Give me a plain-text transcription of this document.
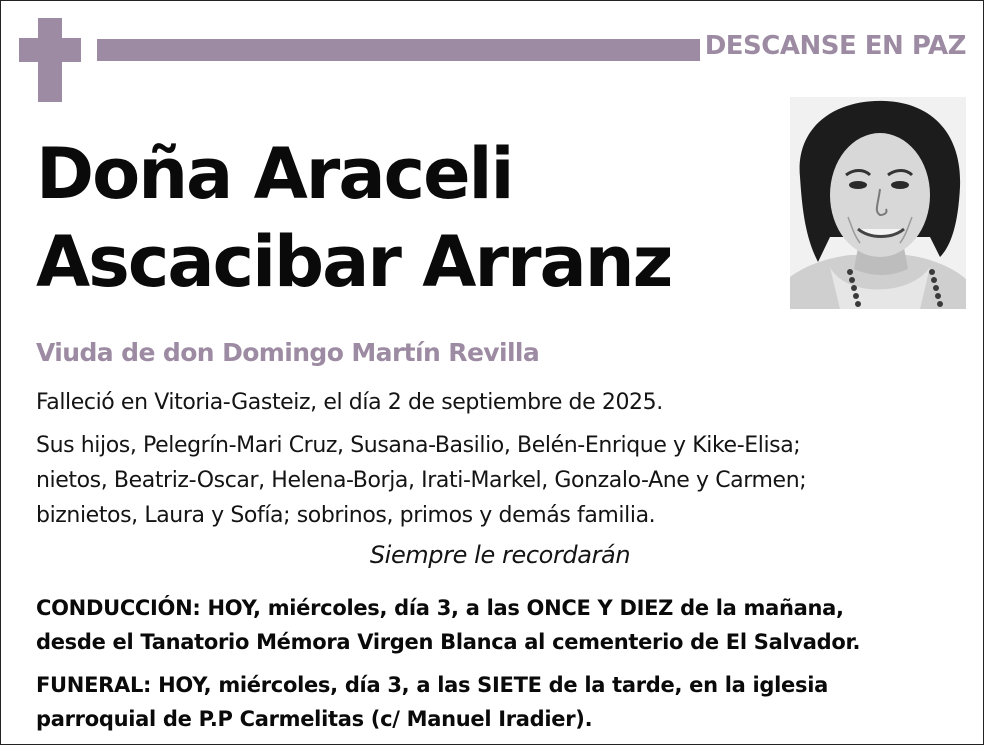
DESCANSE EN PAZ
Doña Araceli
Ascacibar Arranz
Viuda de don Domingo Martín Revilla
Falleció en Vitoria-Gasteiz, el día 2 de septiembre de 2025.
Sus hijos, Pelegrín-Mari Cruz, Susana-Basilio, Belén-Enrique y Kike-Elisa;
nietos, Beatriz-Oscar, Helena-Borja, Irati-Markel, Gonzalo-Ane y Carmen;
biznietos, Laura y Sofía; sobrinos, primos y demás familia.
Siempre le recordarán
CONDUCCIÓN: HOY, miércoles, día 3, a las ONCE Y DIEZ de la mañana,
desde el Tanatorio Mémora Virgen Blanca al cementerio de El Salvador.
FUNERAL: HOY, miércoles, día 3, a las SIETE de la tarde, en la iglesia
parroquial de P.P Carmelitas (c/ Manuel Iradier).
